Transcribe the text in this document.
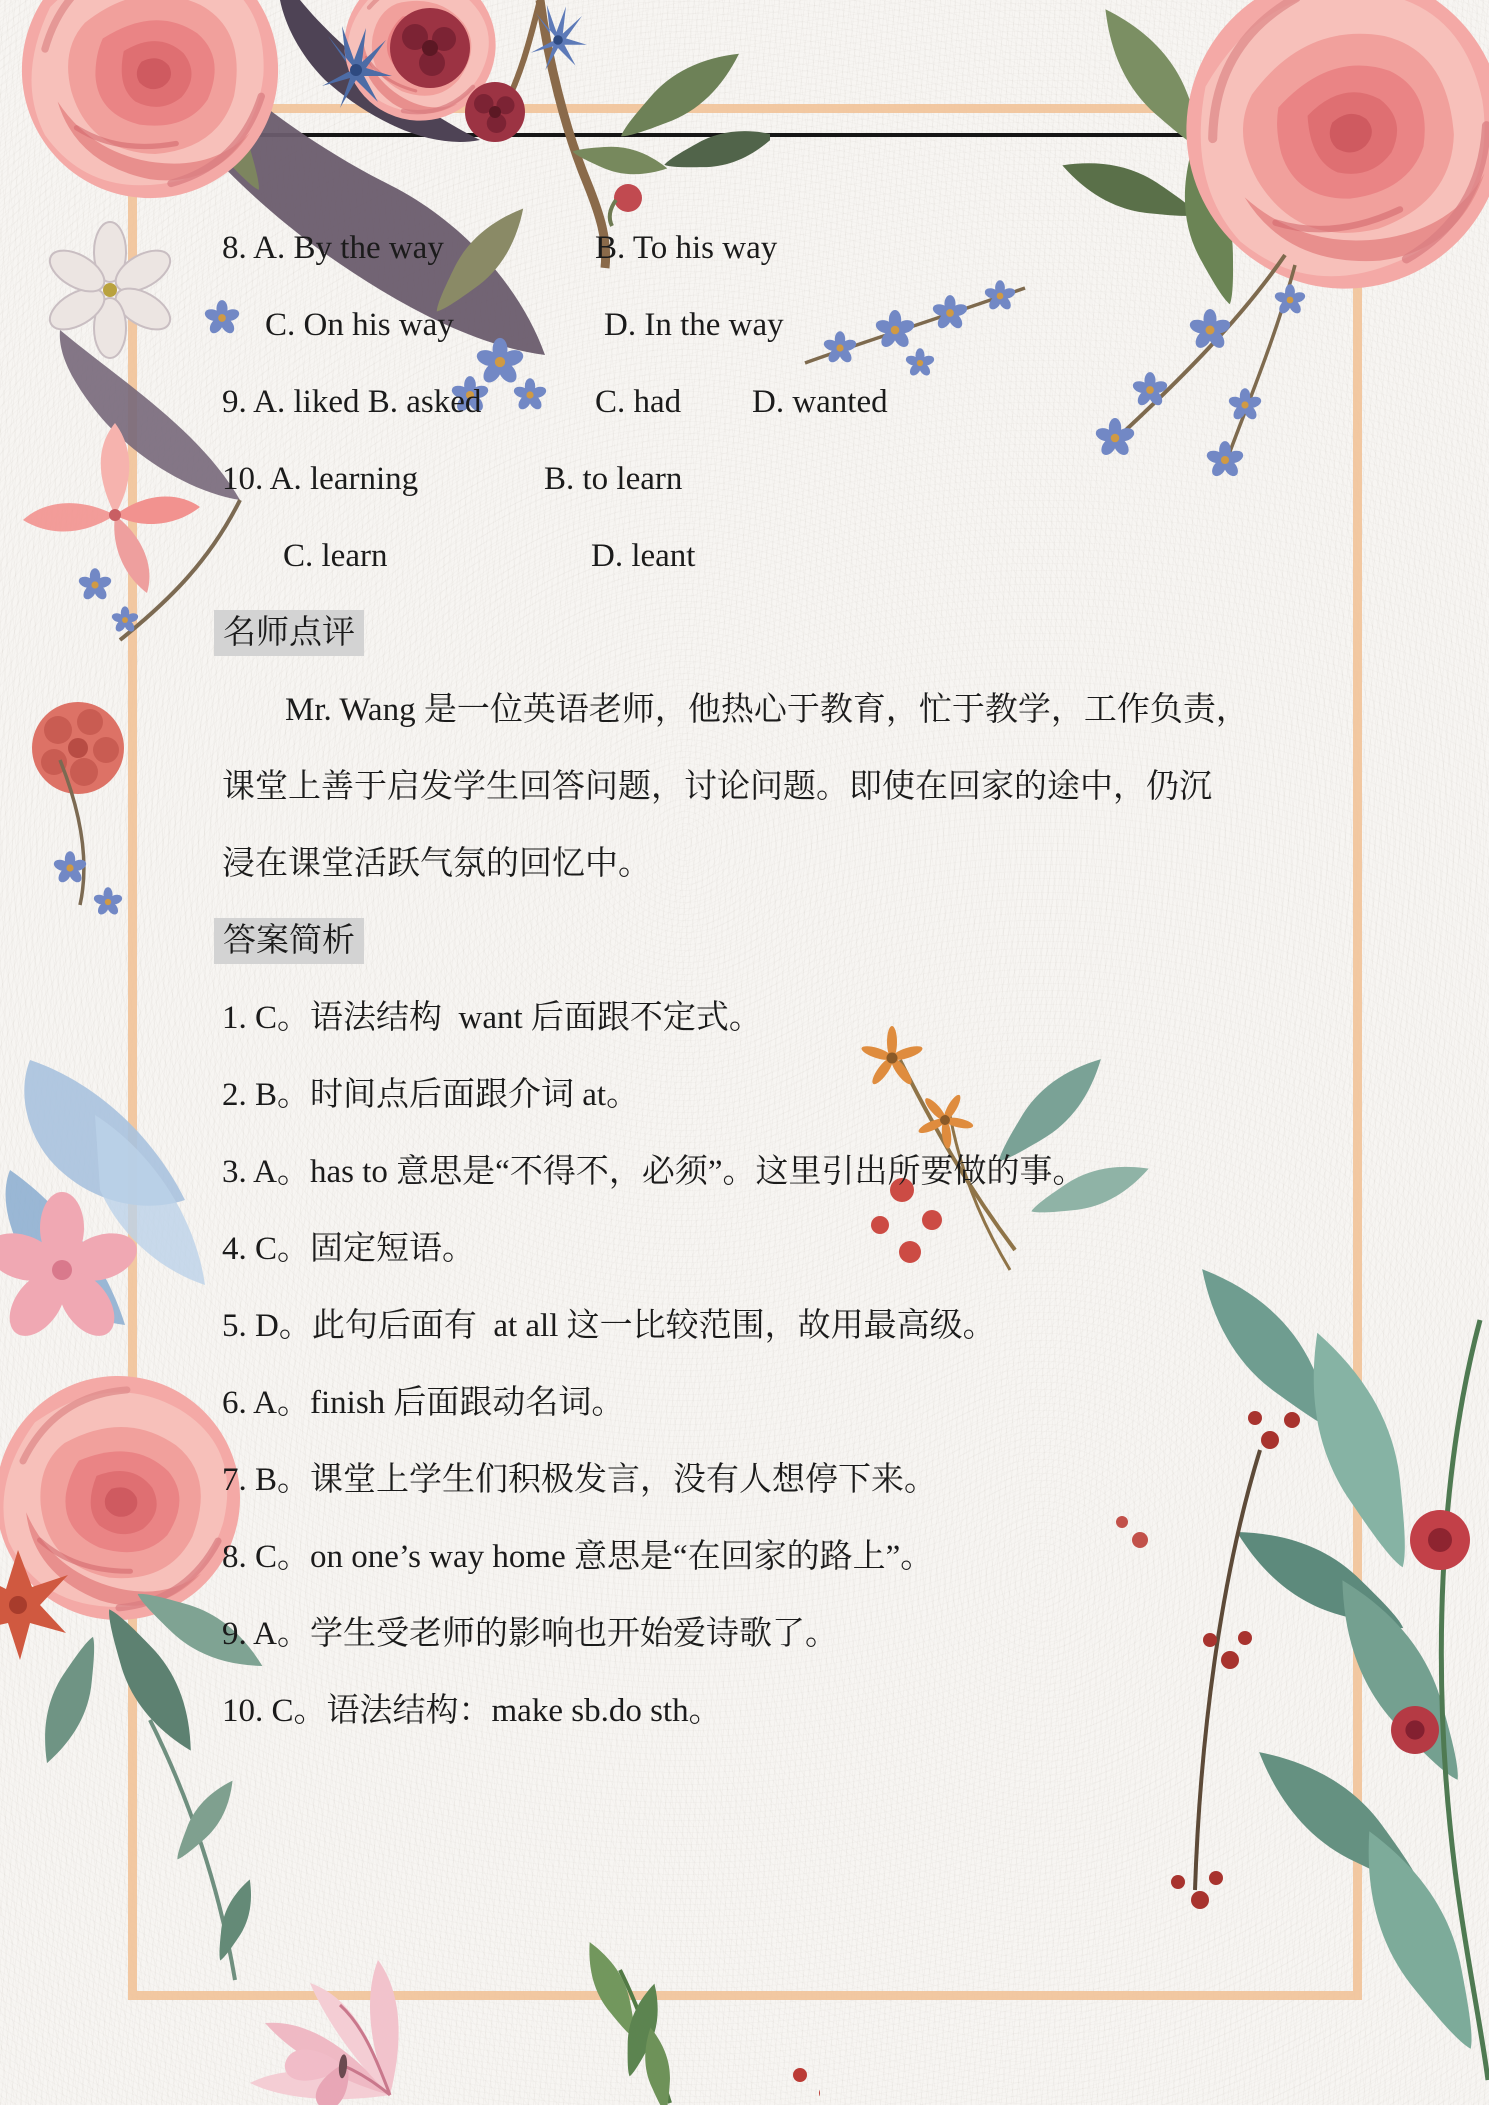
8. A. By the way	B. To his way
C. On his way	D. In the way
9. A. liked B. asked	C. had D. wanted
10. A. learning	B. to learn
C. learn	D. leant
名师点评
Mr. Wang 是一位英语老师，他热心于教育，忙于教学，工作负责，
课堂上善于启发学生回答问题，讨论问题。即使在回家的途中，仍沉
浸在课堂活跃气氛的回忆中。
答案简析
1. C。语法结构  want 后面跟不定式。
2. B。时间点后面跟介词 at。
3. A。has to 意思是“不得不，必须”。这里引出所要做的事。
4. C。固定短语。
5. D。此句后面有  at all 这一比较范围，故用最高级。
6. A。finish 后面跟动名词。
7. B。课堂上学生们积极发言，没有人想停下来。
8. C。on one’s way home 意思是“在回家的路上”。
9. A。学生受老师的影响也开始爱诗歌了。
10. C。语法结构：make sb.do sth。
